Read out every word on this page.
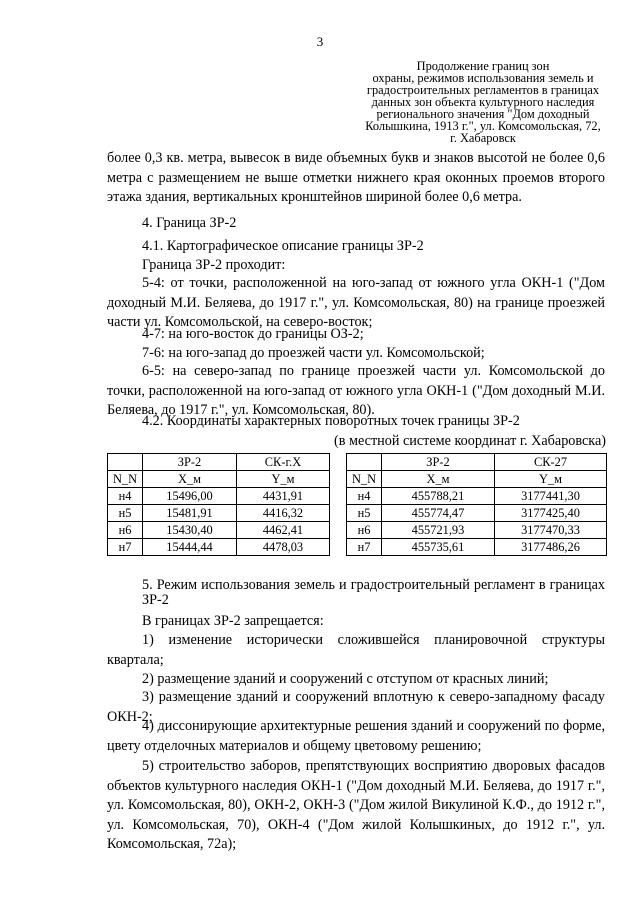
3
Продолжение границ зон
охраны, режимов использования земель и
градостроительных регламентов в границах
данных зон объекта культурного наследия
регионального значения "Дом доходный
Колышкина, 1913 г.", ул. Комсомольская, 72,
г. Хабаровск
более 0,3 кв. метра, вывесок в виде объемных букв и знаков высотой не более 0,6 метра с размещением не выше отметки нижнего края оконных проемов второго этажа здания, вертикальных кронштейнов шириной более 0,6 метра.
4. Граница ЗР-2
4.1. Картографическое описание границы ЗР-2
Граница ЗР-2 проходит:
5-4: от точки, расположенной на юго-запад от южного угла ОКН-1 ("Дом доходный М.И. Беляева, до 1917 г.", ул. Комсомольская, 80) на границе проезжей части ул. Комсомольской, на северо-восток;
4-7: на юго-восток до границы ОЗ-2;
7-6: на юго-запад до проезжей части ул. Комсомольской;
6-5: на северо-запад по границе проезжей части ул. Комсомольской до точки, расположенной на юго-запад от южного угла ОКН-1 ("Дом доходный М.И. Беляева, до 1917 г.", ул. Комсомольская, 80).
4.2. Координаты характерных поворотных точек границы ЗР-2
(в местной системе координат г. Хабаровска)
	ЗР-2	СК-г.Х			ЗР-2	СК-27
N_N	X_м	Y_м		N_N	X_м	Y_м
н4	15496,00	4431,91		н4	455788,21	3177441,30
н5	15481,91	4416,32		н5	455774,47	3177425,40
н6	15430,40	4462,41		н6	455721,93	3177470,33
н7	15444,44	4478,03		н7	455735,61	3177486,26
5. Режим использования земель и градостроительный регламент в границах ЗР-2
В границах ЗР-2 запрещается:
1) изменение исторически сложившейся планировочной структуры квартала;
2) размещение зданий и сооружений с отступом от красных линий;
3) размещение зданий и сооружений вплотную к северо-западному фасаду ОКН-2;
4) диссонирующие архитектурные решения зданий и сооружений по форме, цвету отделочных материалов и общему цветовому решению;
5) строительство заборов, препятствующих восприятию дворовых фасадов объектов культурного наследия ОКН-1 ("Дом доходный М.И. Беляева, до 1917 г.", ул. Комсомольская, 80), ОКН-2, ОКН-3 ("Дом жилой Викулиной К.Ф., до 1912 г.", ул. Комсомольская, 70), ОКН-4 ("Дом жилой Колышкиных, до 1912 г.", ул. Комсомольская, 72а);
